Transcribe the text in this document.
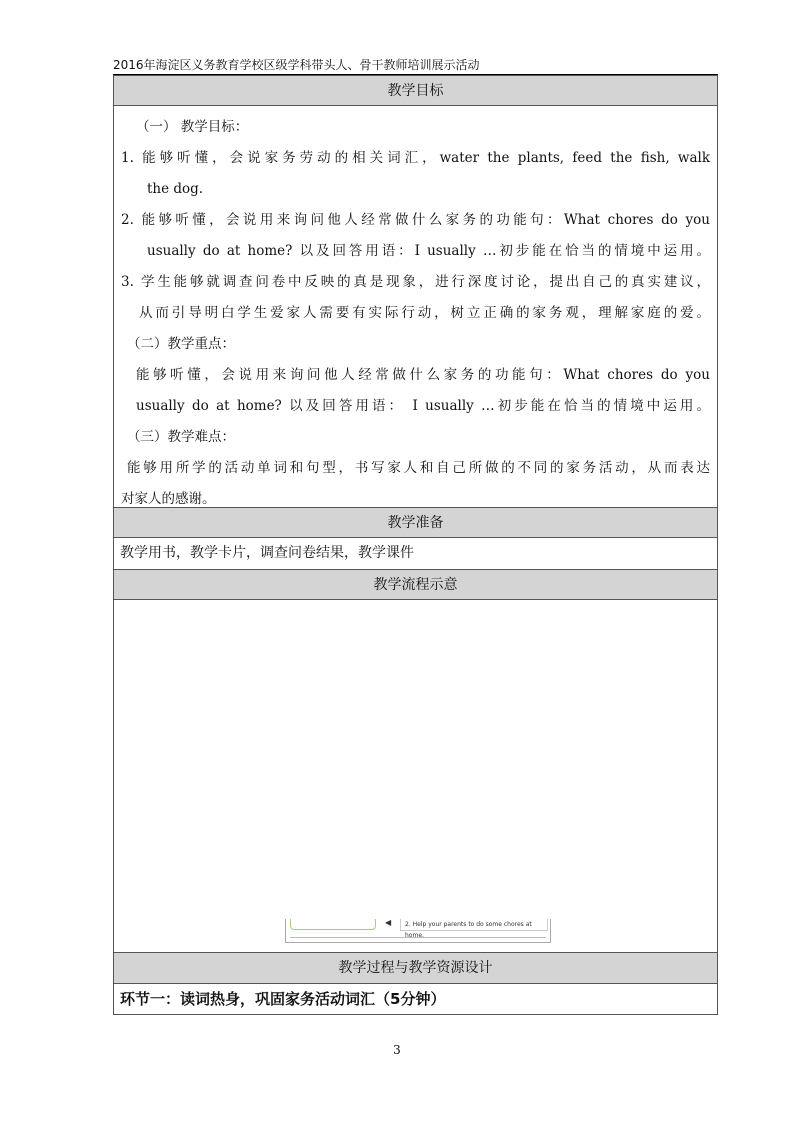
2016年海淀区义务教育学校区级学科带头人、骨干教师培训展示活动
教学目标

（一） 教学目标：

1. 能够听懂，会说家务劳动的相关词汇，water the plants, feed the fish, walk

the dog.

2. 能够听懂，会说用来询问他人经常做什么家务的功能句：What chores do you

usually do at home? 以及回答用语：I usually …初步能在恰当的情境中运用。

3. 学生能够就调查问卷中反映的真是现象，进行深度讨论，提出自己的真实建议，

从而引导明白学生爱家人需要有实际行动，树立正确的家务观，理解家庭的爱。

（二）教学重点：

能够听懂，会说用来询问他人经常做什么家务的功能句：What chores do you

usually do at home? 以及回答用语： I usually …初步能在恰当的情境中运用。

（三）教学难点：

能够用所学的活动单词和句型，书写家人和自己所做的不同的家务活动，从而表达

对家人的感谢。

教学准备
教学用书，教学卡片，调查问卷结果，教学课件
教学流程示意
◀	2. Help your parents to do some chores at home.
教学过程与教学资源设计
环节一：读词热身，巩固家务活动词汇（5分钟）
3
